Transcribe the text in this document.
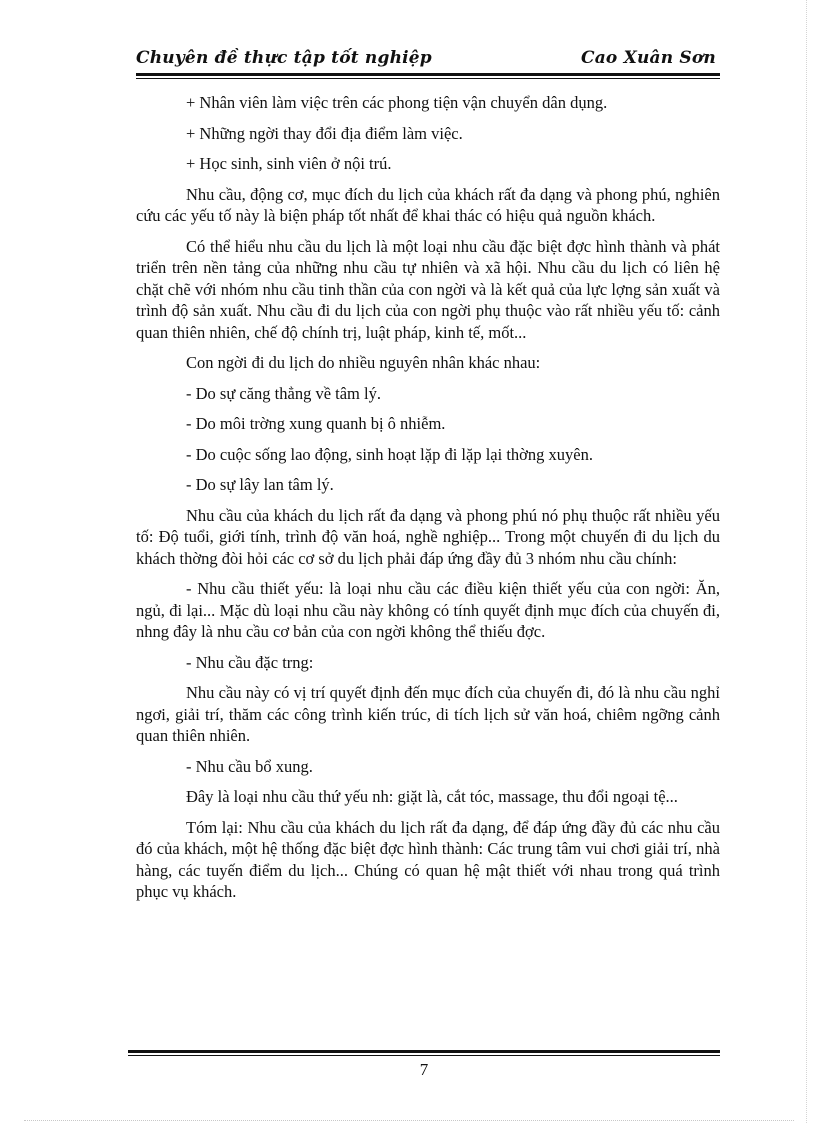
Chuyên đề thực tập tốt nghiệp	Cao Xuân Sơn

+ Nhân viên làm việc trên các phong tiện vận chuyển dân dụng.

+ Những ngời thay đổi địa điểm làm việc.

+ Học sinh, sinh viên ở nội trú.

Nhu cầu, động cơ, mục đích du lịch của khách rất đa dạng và phong phú, nghiên cứu các yếu tố này là biện pháp tốt nhất để khai thác có hiệu quả nguồn khách.

Có thể hiểu nhu cầu du lịch là một loại nhu cầu đặc biệt đợc hình thành và phát triển trên nền tảng của những nhu cầu tự nhiên và xã hội. Nhu cầu du lịch có liên hệ chặt chẽ với nhóm nhu cầu tinh thần của con ngời và là kết quả của lực lợng sản xuất và trình độ sản xuất. Nhu cầu đi du lịch của con ngời phụ thuộc vào rất nhiều yếu tố: cảnh quan thiên nhiên, chế độ chính trị, luật pháp, kinh tế, mốt...

Con ngời đi du lịch do nhiều nguyên nhân khác nhau:

- Do sự căng thẳng về tâm lý.

- Do môi trờng xung quanh bị ô nhiễm.

- Do cuộc sống lao động, sinh hoạt lặp đi lặp lại thờng xuyên.

- Do sự lây lan tâm lý.

Nhu cầu của khách du lịch rất đa dạng và phong phú nó phụ thuộc rất nhiều yếu tố: Độ tuổi, giới tính, trình độ văn hoá, nghề nghiệp... Trong một chuyến đi du lịch du khách thờng đòi hỏi các cơ sở du lịch phải đáp ứng đầy đủ 3 nhóm nhu cầu chính:

- Nhu cầu thiết yếu: là loại nhu cầu các điều kiện thiết yếu của con ngời: Ăn, ngủ, đi lại... Mặc dù loại nhu cầu này không có tính quyết định mục đích của chuyến đi, nhng đây là nhu cầu cơ bản của con ngời không thể thiếu đợc.

- Nhu cầu đặc trng:

Nhu cầu này có vị trí quyết định đến mục đích của chuyến đi, đó là nhu cầu nghỉ ngơi, giải trí, thăm các công trình kiến trúc, di tích lịch sử văn hoá, chiêm ngỡng cảnh quan thiên nhiên.

- Nhu cầu bổ xung.

Đây là loại nhu cầu thứ yếu nh: giặt là, cắt tóc, massage, thu đổi ngoại tệ...

Tóm lại: Nhu cầu của khách du lịch rất đa dạng, để đáp ứng đầy đủ các nhu cầu đó của khách, một hệ thống đặc biệt đợc hình thành: Các trung tâm vui chơi giải trí, nhà hàng, các tuyến điểm du lịch... Chúng có quan hệ mật thiết với nhau trong quá trình phục vụ khách.

7
